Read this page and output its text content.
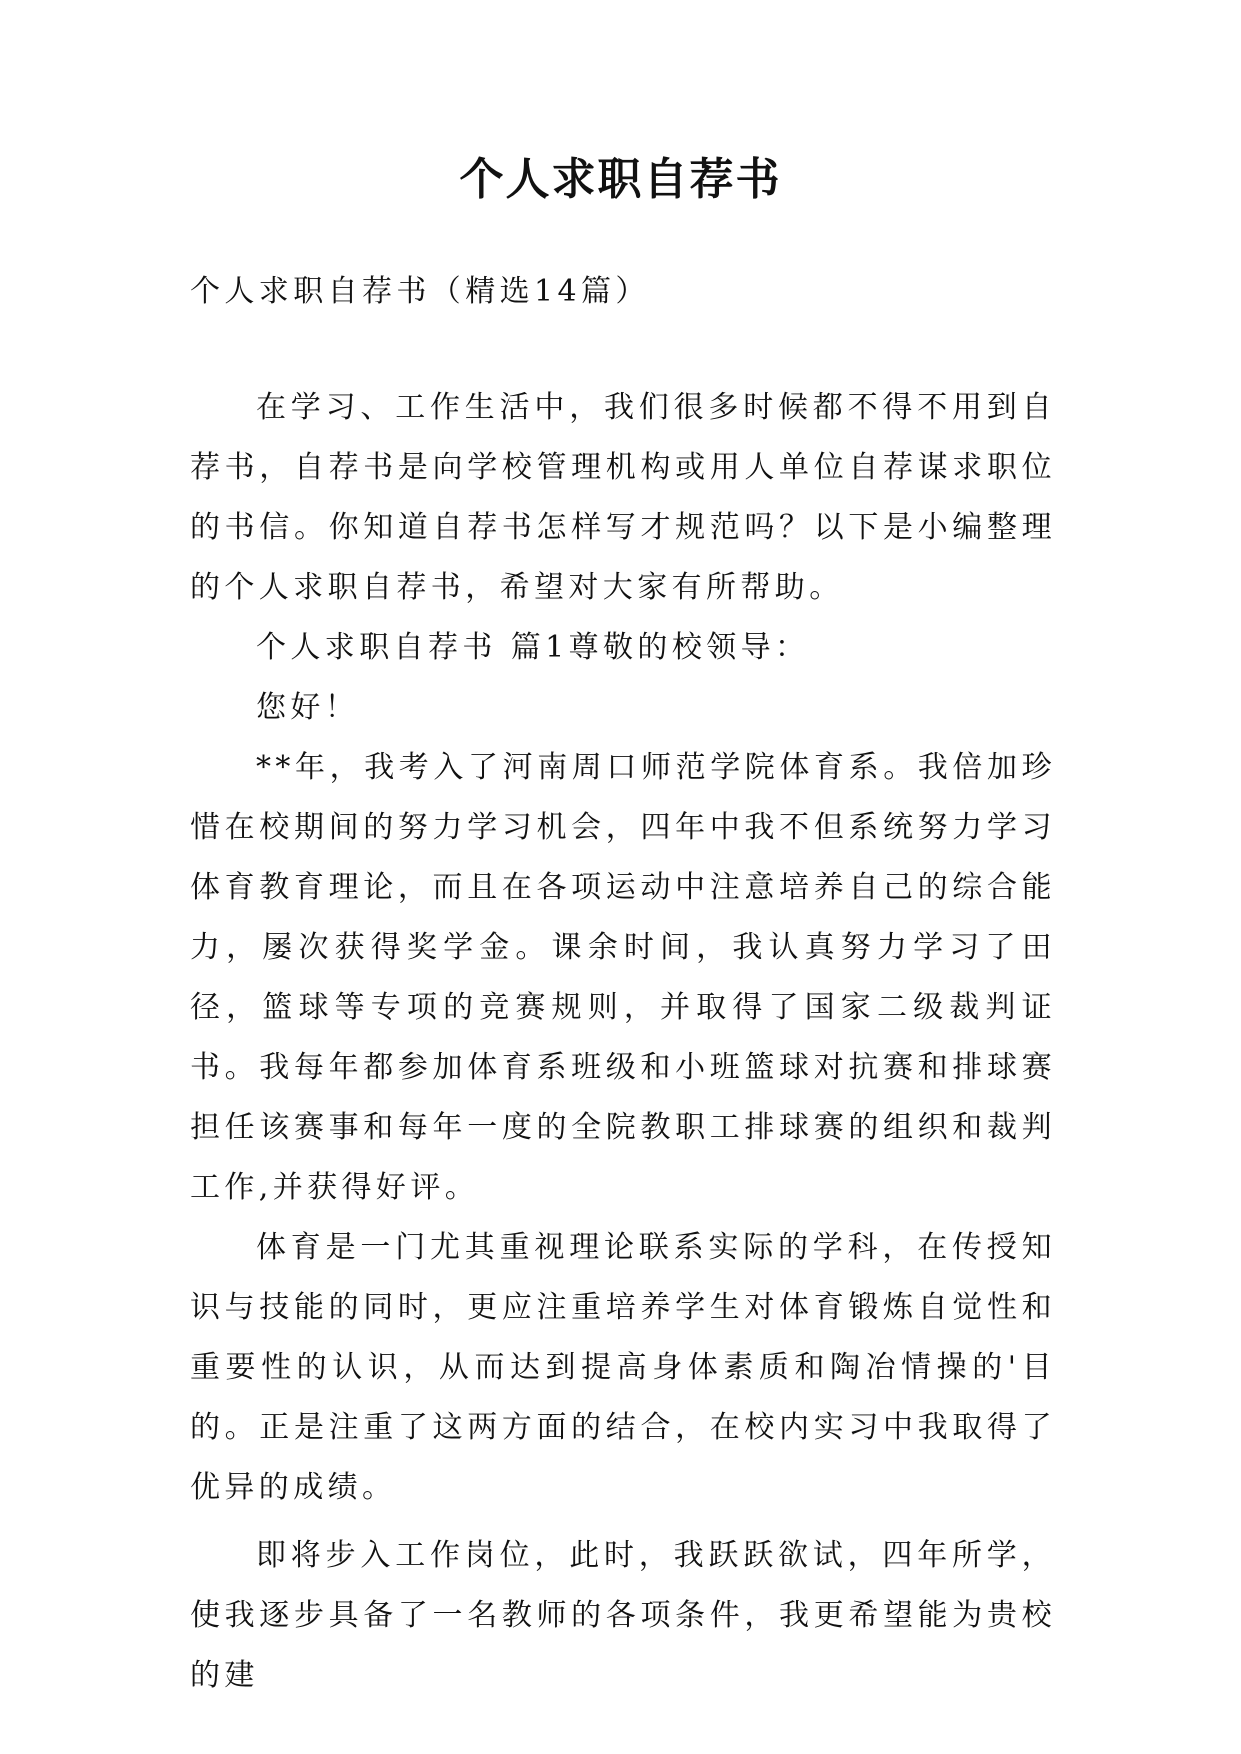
个人求职自荐书

个人求职自荐书（精选14篇）

在学习、工作生活中，我们很多时候都不得不用到自荐书，自荐书是向学校管理机构或用人单位自荐谋求职位的书信。你知道自荐书怎样写才规范吗？以下是小编整理的个人求职自荐书，希望对大家有所帮助。

个人求职自荐书 篇1尊敬的校领导：

您好！

**年，我考入了河南周口师范学院体育系。我倍加珍惜在校期间的努力学习机会，四年中我不但系统努力学习体育教育理论，而且在各项运动中注意培养自己的综合能力，屡次获得奖学金。课余时间，我认真努力学习了田径，篮球等专项的竞赛规则，并取得了国家二级裁判证书。我每年都参加体育系班级和小班篮球对抗赛和排球赛担任该赛事和每年一度的全院教职工排球赛的组织和裁判工作,并获得好评。

体育是一门尤其重视理论联系实际的学科，在传授知识与技能的同时，更应注重培养学生对体育锻炼自觉性和重要性的认识，从而达到提高身体素质和陶冶情操的'目的。正是注重了这两方面的结合，在校内实习中我取得了优异的成绩。

即将步入工作岗位，此时，我跃跃欲试，四年所学，使我逐步具备了一名教师的各项条件，我更希望能为贵校的建
